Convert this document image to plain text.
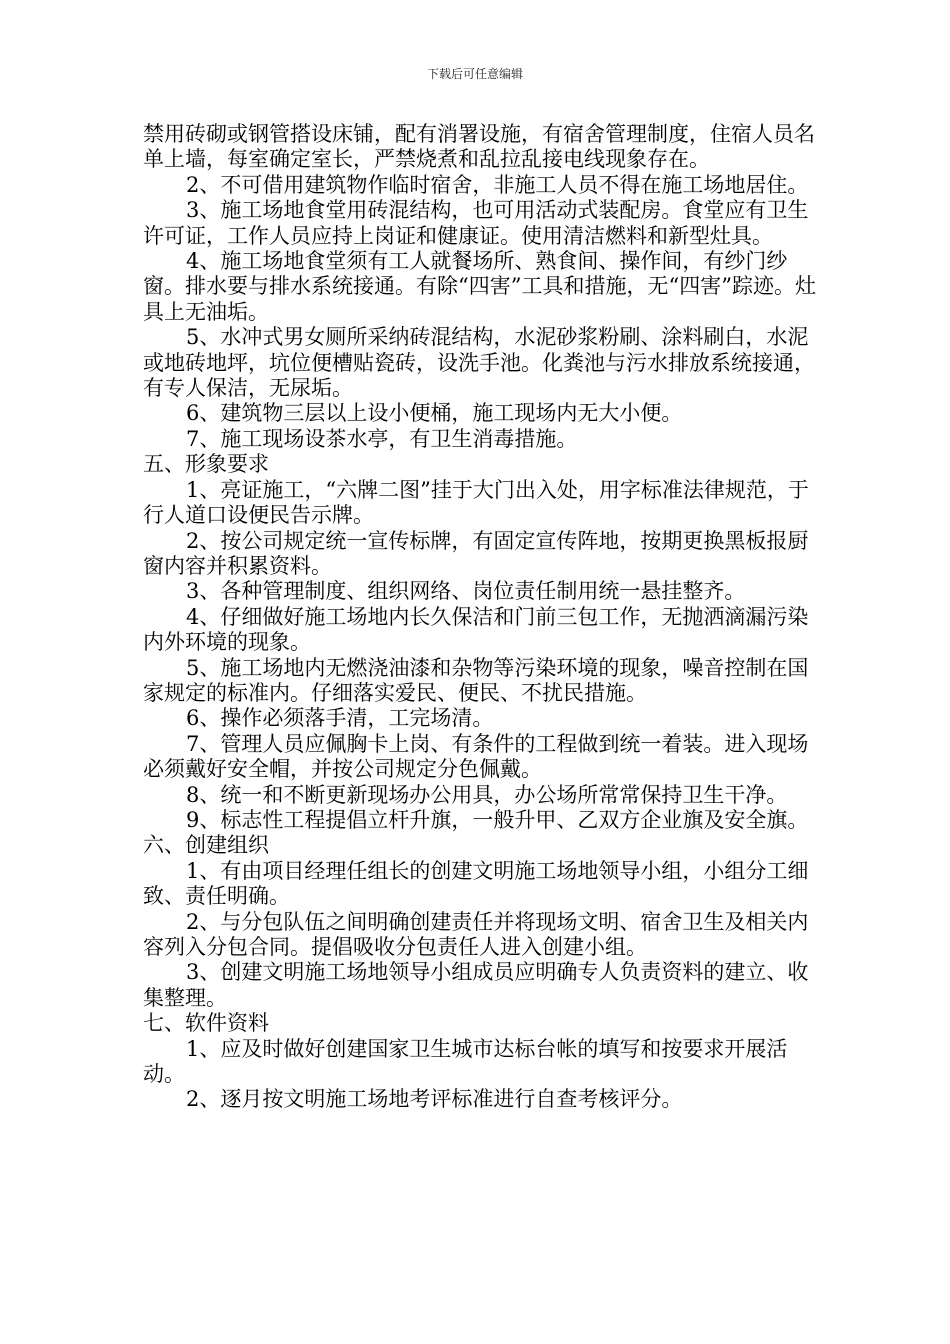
下载后可任意编辑

禁用砖砌或钢管搭设床铺，配有消署设施，有宿舍管理制度，住宿人员名单上墙，每室确定室长，严禁烧煮和乱拉乱接电线现象存在。

2、不可借用建筑物作临时宿舍，非施工人员不得在施工场地居住。

3、施工场地食堂用砖混结构，也可用活动式装配房。食堂应有卫生许可证，工作人员应持上岗证和健康证。使用清洁燃料和新型灶具。

4、施工场地食堂须有工人就餐场所、熟食间、操作间，有纱门纱窗。排水要与排水系统接通。有除“四害”工具和措施，无“四害”踪迹。灶具上无油垢。

5、水冲式男女厕所采纳砖混结构，水泥砂浆粉刷、涂料刷白，水泥或地砖地坪，坑位便槽贴瓷砖，设洗手池。化粪池与污水排放系统接通，有专人保洁，无尿垢。

6、建筑物三层以上设小便桶，施工现场内无大小便。

7、施工现场设茶水亭，有卫生消毒措施。

五、形象要求

1、亮证施工，“六牌二图”挂于大门出入处，用字标准法律规范，于行人道口设便民告示牌。

2、按公司规定统一宣传标牌，有固定宣传阵地，按期更换黑板报厨窗内容并积累资料。

3、各种管理制度、组织网络、岗位责任制用统一悬挂整齐。

4、仔细做好施工场地内长久保洁和门前三包工作，无抛洒滴漏污染内外环境的现象。

5、施工场地内无燃浇油漆和杂物等污染环境的现象，噪音控制在国家规定的标准内。仔细落实爱民、便民、不扰民措施。

6、操作必须落手清，工完场清。

7、管理人员应佩胸卡上岗、有条件的工程做到统一着装。进入现场必须戴好安全帽，并按公司规定分色佩戴。

8、统一和不断更新现场办公用具，办公场所常常保持卫生干净。

9、标志性工程提倡立杆升旗，一般升甲、乙双方企业旗及安全旗。

六、创建组织

1、有由项目经理任组长的创建文明施工场地领导小组，小组分工细致、责任明确。

2、与分包队伍之间明确创建责任并将现场文明、宿舍卫生及相关内容列入分包合同。提倡吸收分包责任人进入创建小组。

3、创建文明施工场地领导小组成员应明确专人负责资料的建立、收集整理。

七、软件资料

1、应及时做好创建国家卫生城市达标台帐的填写和按要求开展活动。

2、逐月按文明施工场地考评标准进行自查考核评分。
